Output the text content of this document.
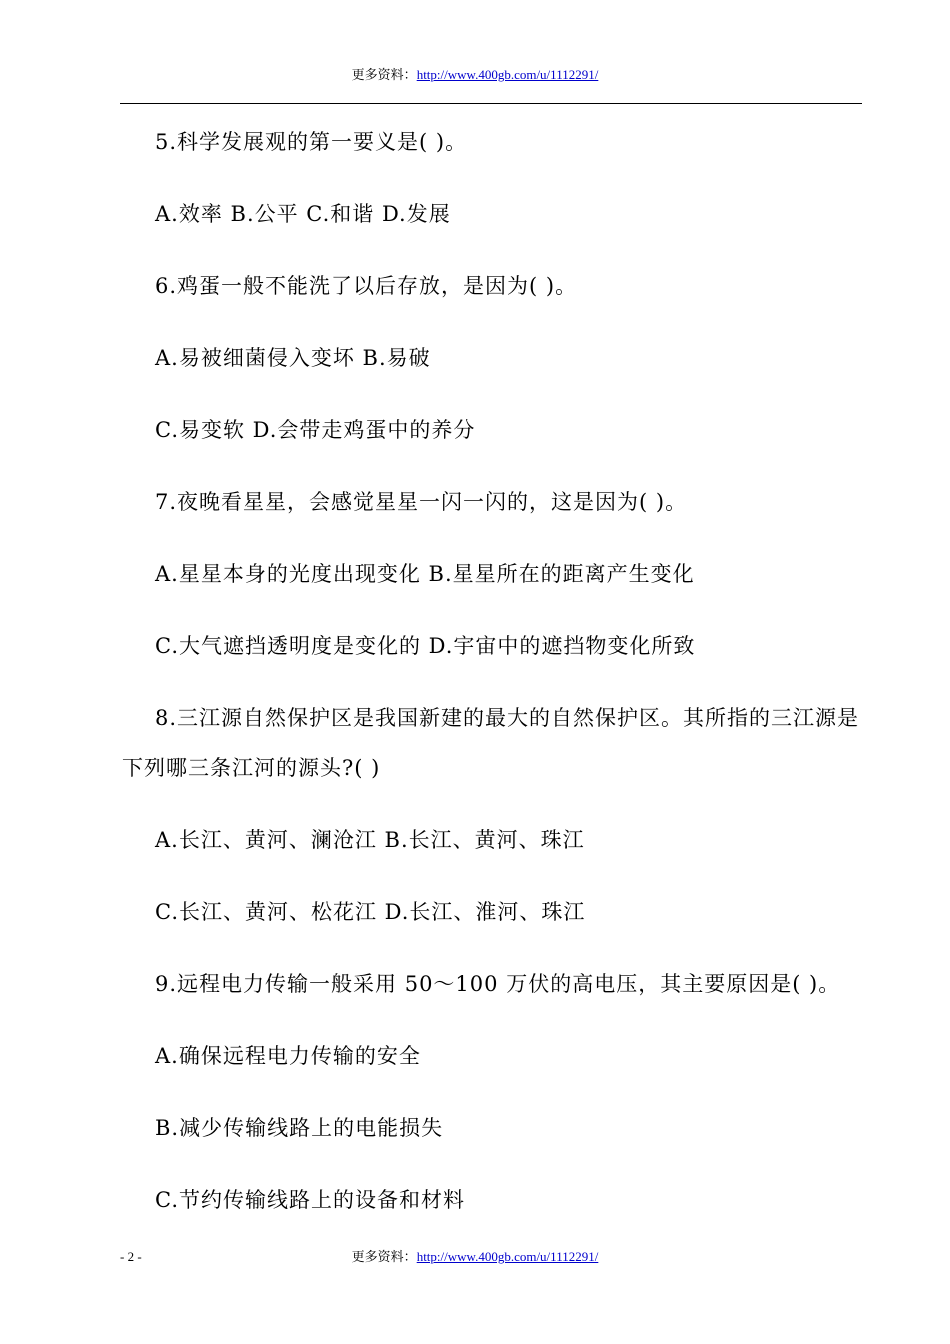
更多资料：http://www.400gb.com/u/1112291/
5.科学发展观的第一要义是( )。
A.效率 B.公平 C.和谐 D.发展
6.鸡蛋一般不能洗了以后存放，是因为( )。
A.易被细菌侵入变坏 B.易破
C.易变软 D.会带走鸡蛋中的养分
7.夜晚看星星，会感觉星星一闪一闪的，这是因为( )。
A.星星本身的光度出现变化 B.星星所在的距离产生变化
C.大气遮挡透明度是变化的 D.宇宙中的遮挡物变化所致
8.三江源自然保护区是我国新建的最大的自然保护区。其所指的三江源是
下列哪三条江河的源头?( )
A.长江、黄河、澜沧江 B.长江、黄河、珠江
C.长江、黄河、松花江 D.长江、淮河、珠江
9.远程电力传输一般采用 50～100 万伏的高电压，其主要原因是( )。
A.确保远程电力传输的安全
B.减少传输线路上的电能损失
C.节约传输线路上的设备和材料
- 2 -	更多资料：http://www.400gb.com/u/1112291/
